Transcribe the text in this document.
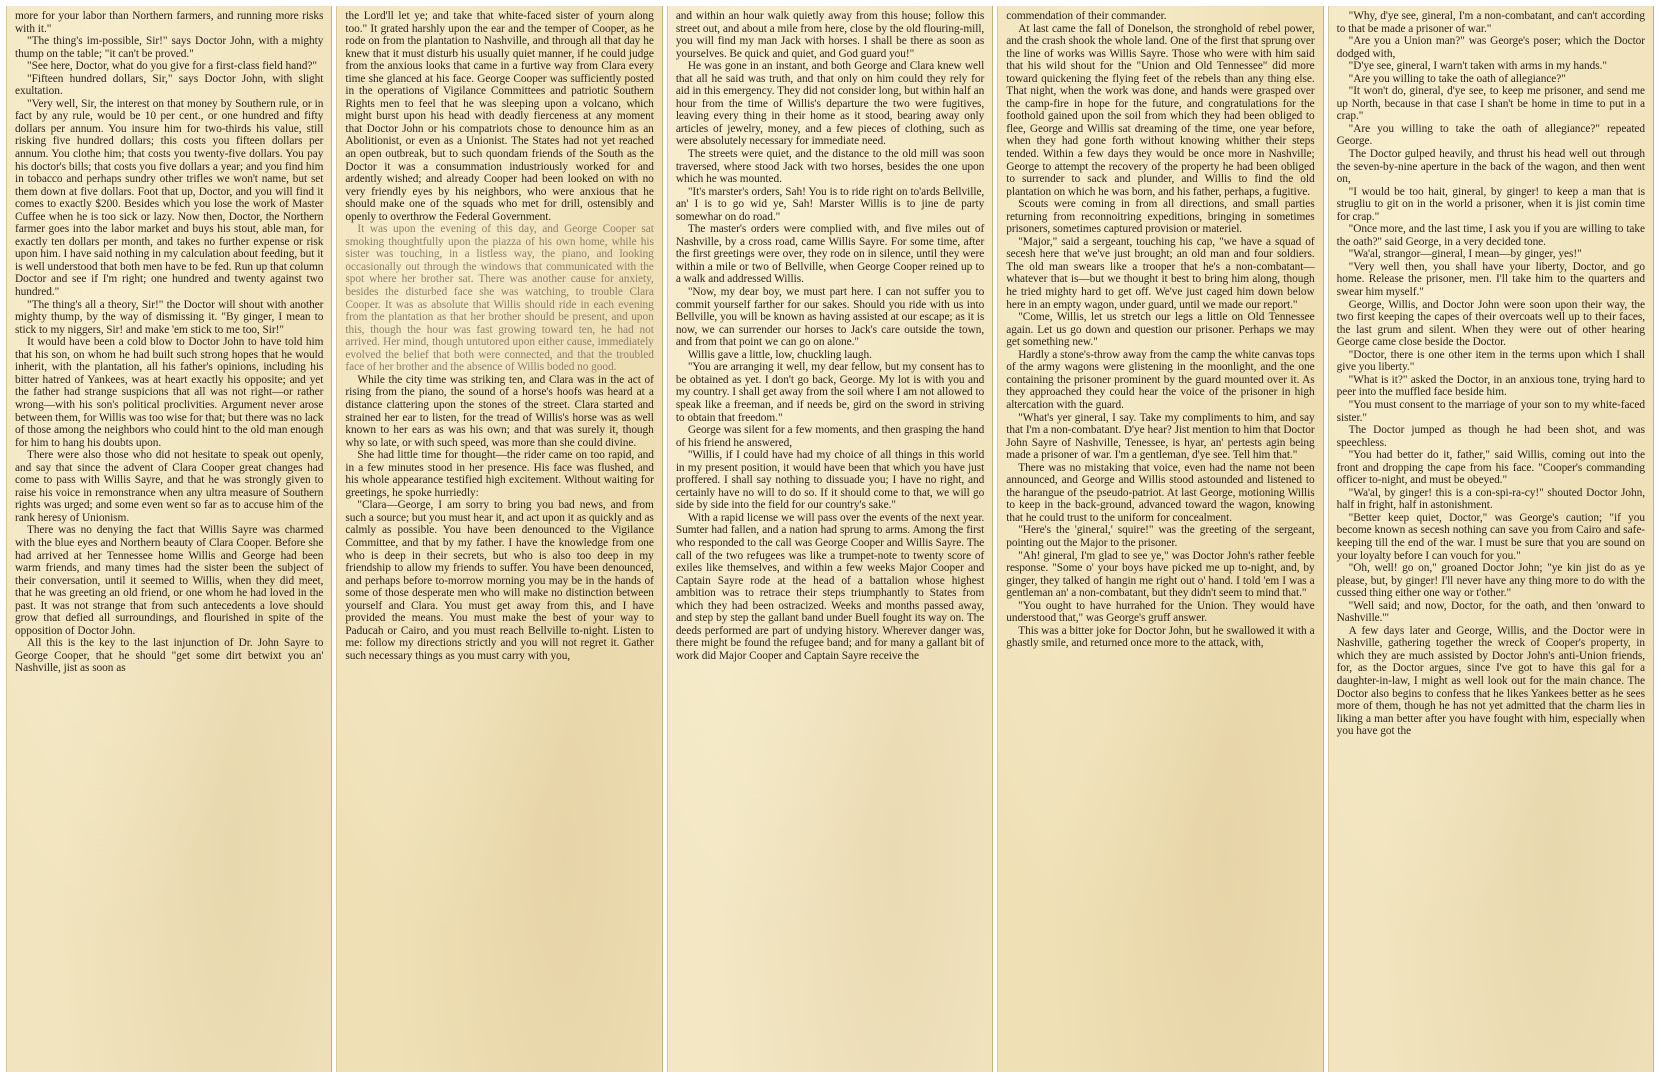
more for your labor than Northern farmers, and running more risks with it."

"The thing's im-possible, Sir!" says Doctor John, with a mighty thump on the table; "it can't be proved."

"See here, Doctor, what do you give for a first-class field hand?"

"Fifteen hundred dollars, Sir," says Doctor John, with slight exultation.

"Very well, Sir, the interest on that money by Southern rule, or in fact by any rule, would be 10 per cent., or one hundred and fifty dollars per annum. You insure him for two-thirds his value, still risking five hundred dollars; this costs you fifteen dollars per annum. You clothe him; that costs you twenty-five dollars. You pay his doctor's bills; that costs you five dollars a year; and you find him in tobacco and perhaps sundry other trifles we won't name, but set them down at five dollars. Foot that up, Doctor, and you will find it comes to exactly $200. Besides which you lose the work of Master Cuffee when he is too sick or lazy. Now then, Doctor, the Northern farmer goes into the labor market and buys his stout, able man, for exactly ten dollars per month, and takes no further expense or risk upon him. I have said nothing in my calculation about feeding, but it is well understood that both men have to be fed. Run up that column Doctor and see if I'm right; one hundred and twenty against two hundred."

"The thing's all a theory, Sir!" the Doctor will shout with another mighty thump, by the way of dismissing it. "By ginger, I mean to stick to my niggers, Sir! and make 'em stick to me too, Sir!"

It would have been a cold blow to Doctor John to have told him that his son, on whom he had built such strong hopes that he would inherit, with the plantation, all his father's opinions, including his bitter hatred of Yankees, was at heart exactly his opposite; and yet the father had strange suspicions that all was not right—or rather wrong—with his son's political proclivities. Argument never arose between them, for Willis was too wise for that; but there was no lack of those among the neighbors who could hint to the old man enough for him to hang his doubts upon.

There were also those who did not hesitate to speak out openly, and say that since the advent of Clara Cooper great changes had come to pass with Willis Sayre, and that he was strongly given to raise his voice in remonstrance when any ultra measure of Southern rights was urged; and some even went so far as to accuse him of the rank heresy of Unionism.

There was no denying the fact that Willis Sayre was charmed with the blue eyes and Northern beauty of Clara Cooper. Before she had arrived at her Tennessee home Willis and George had been warm friends, and many times had the sister been the subject of their conversation, until it seemed to Willis, when they did meet, that he was greeting an old friend, or one whom he had loved in the past. It was not strange that from such antecedents a love should grow that defied all surroundings, and flourished in spite of the opposition of Doctor John.

All this is the key to the last injunction of Dr. John Sayre to George Cooper, that he should "get some dirt betwixt you an' Nashville, jist as soon as

the Lord'll let ye; and take that white-faced sister of yourn along too." It grated harshly upon the ear and the temper of Cooper, as he rode on from the plantation to Nashville, and through all that day he knew that it must disturb his usually quiet manner, if he could judge from the anxious looks that came in a furtive way from Clara every time she glanced at his face. George Cooper was sufficiently posted in the operations of Vigilance Committees and patriotic Southern Rights men to feel that he was sleeping upon a volcano, which might burst upon his head with deadly fierceness at any moment that Doctor John or his compatriots chose to denounce him as an Abolitionist, or even as a Unionist. The States had not yet reached an open outbreak, but to such quondam friends of the South as the Doctor it was a consummation industriously worked for and ardently wished; and already Cooper had been looked on with no very friendly eyes by his neighbors, who were anxious that he should make one of the squads who met for drill, ostensibly and openly to overthrow the Federal Government.

It was upon the evening of this day, and George Cooper sat smoking thoughtfully upon the piazza of his own home, while his sister was touching, in a listless way, the piano, and looking occasionally out through the windows that communicated with the spot where her brother sat. There was another cause for anxiety, besides the disturbed face she was watching, to trouble Clara Cooper. It was as absolute that Willis should ride in each evening from the plantation as that her brother should be present, and upon this, though the hour was fast growing toward ten, he had not arrived. Her mind, though untutored upon either cause, immediately evolved the belief that both were connected, and that the troubled face of her brother and the absence of Willis boded no good.

While the city time was striking ten, and Clara was in the act of rising from the piano, the sound of a horse's hoofs was heard at a distance clattering upon the stones of the street. Clara started and strained her ear to listen, for the tread of Willis's horse was as well known to her ears as was his own; and that was surely it, though why so late, or with such speed, was more than she could divine.

She had little time for thought—the rider came on too rapid, and in a few minutes stood in her presence. His face was flushed, and his whole appearance testified high excitement. Without waiting for greetings, he spoke hurriedly:

"Clara—George, I am sorry to bring you bad news, and from such a source; but you must hear it, and act upon it as quickly and as calmly as possible. You have been denounced to the Vigilance Committee, and that by my father. I have the knowledge from one who is deep in their secrets, but who is also too deep in my friendship to allow my friends to suffer. You have been denounced, and perhaps before to-morrow morning you may be in the hands of some of those desperate men who will make no distinction between yourself and Clara. You must get away from this, and I have provided the means. You must make the best of your way to Paducah or Cairo, and you must reach Bellville to-night. Listen to me: follow my directions strictly and you will not regret it. Gather such necessary things as you must carry with you,

and within an hour walk quietly away from this house; follow this street out, and about a mile from here, close by the old flouring-mill, you will find my man Jack with horses. I shall be there as soon as yourselves. Be quick and quiet, and God guard you!"

He was gone in an instant, and both George and Clara knew well that all he said was truth, and that only on him could they rely for aid in this emergency. They did not consider long, but within half an hour from the time of Willis's departure the two were fugitives, leaving every thing in their home as it stood, bearing away only articles of jewelry, money, and a few pieces of clothing, such as were absolutely necessary for immediate need.

The streets were quiet, and the distance to the old mill was soon traversed, where stood Jack with two horses, besides the one upon which he was mounted.

"It's marster's orders, Sah! You is to ride right on to'ards Bellville, an' I is to go wid ye, Sah! Marster Willis is to jine de party somewhar on do road."

The master's orders were complied with, and five miles out of Nashville, by a cross road, came Willis Sayre. For some time, after the first greetings were over, they rode on in silence, until they were within a mile or two of Bellville, when George Cooper reined up to a walk and addressed Willis.

"Now, my dear boy, we must part here. I can not suffer you to commit yourself farther for our sakes. Should you ride with us into Bellville, you will be known as having assisted at our escape; as it is now, we can surrender our horses to Jack's care outside the town, and from that point we can go on alone."

Willis gave a little, low, chuckling laugh.

"You are arranging it well, my dear fellow, but my consent has to be obtained as yet. I don't go back, George. My lot is with you and my country. I shall get away from the soil where I am not allowed to speak like a freeman, and if needs be, gird on the sword in striving to obtain that freedom."

George was silent for a few moments, and then grasping the hand of his friend he answered,

"Willis, if I could have had my choice of all things in this world in my present position, it would have been that which you have just proffered. I shall say nothing to dissuade you; I have no right, and certainly have no will to do so. If it should come to that, we will go side by side into the field for our country's sake."

With a rapid license we will pass over the events of the next year. Sumter had fallen, and a nation had sprung to arms. Among the first who responded to the call was George Cooper and Willis Sayre. The call of the two refugees was like a trumpet-note to twenty score of exiles like themselves, and within a few weeks Major Cooper and Captain Sayre rode at the head of a battalion whose highest ambition was to retrace their steps triumphantly to States from which they had been ostracized. Weeks and months passed away, and step by step the gallant band under Buell fought its way on. The deeds performed are part of undying history. Wherever danger was, there might be found the refugee band; and for many a gallant bit of work did Major Cooper and Captain Sayre receive the

commendation of their commander.

At last came the fall of Donelson, the stronghold of rebel power, and the crash shook the whole land. One of the first that sprung over the line of works was Willis Sayre. Those who were with him said that his wild shout for the "Union and Old Tennessee" did more toward quickening the flying feet of the rebels than any thing else. That night, when the work was done, and hands were grasped over the camp-fire in hope for the future, and congratulations for the foothold gained upon the soil from which they had been obliged to flee, George and Willis sat dreaming of the time, one year before, when they had gone forth without knowing whither their steps tended. Within a few days they would be once more in Nashville; George to attempt the recovery of the property he had been obliged to surrender to sack and plunder, and Willis to find the old plantation on which he was born, and his father, perhaps, a fugitive.

Scouts were coming in from all directions, and small parties returning from reconnoitring expeditions, bringing in sometimes prisoners, sometimes captured provision or materiel.

"Major," said a sergeant, touching his cap, "we have a squad of secesh here that we've just brought; an old man and four soldiers. The old man swears like a trooper that he's a non-combatant—whatever that is—but we thought it best to bring him along, though he tried mighty hard to get off. We've just caged him down below here in an empty wagon, under guard, until we made our report."

"Come, Willis, let us stretch our legs a little on Old Tennessee again. Let us go down and question our prisoner. Perhaps we may get something new."

Hardly a stone's-throw away from the camp the white canvas tops of the army wagons were glistening in the moonlight, and the one containing the prisoner prominent by the guard mounted over it. As they approached they could hear the voice of the prisoner in high altercation with the guard.

"What's yer gineral, I say. Take my compliments to him, and say that I'm a non-combatant. D'ye hear? Jist mention to him that Doctor John Sayre of Nashville, Tenessee, is hyar, an' pertests agin being made a prisoner of war. I'm a gentleman, d'ye see. Tell him that."

There was no mistaking that voice, even had the name not been announced, and George and Willis stood astounded and listened to the harangue of the pseudo-patriot. At last George, motioning Willis to keep in the back-ground, advanced toward the wagon, knowing that he could trust to the uniform for concealment.

"Here's the 'gineral,' squire!" was the greeting of the sergeant, pointing out the Major to the prisoner.

"Ah! gineral, I'm glad to see ye," was Doctor John's rather feeble response. "Some o' your boys have picked me up to-night, and, by ginger, they talked of hangin me right out o' hand. I told 'em I was a gentleman an' a non-combatant, but they didn't seem to mind that."

"You ought to have hurrahed for the Union. They would have understood that," was George's gruff answer.

This was a bitter joke for Doctor John, but he swallowed it with a ghastly smile, and returned once more to the attack, with,

"Why, d'ye see, gineral, I'm a non-combatant, and can't according to that be made a prisoner of war."

"Are you a Union man?" was George's poser; which the Doctor dodged with,

"D'ye see, gineral, I warn't taken with arms in my hands."

"Are you willing to take the oath of allegiance?"

"It won't do, gineral, d'ye see, to keep me prisoner, and send me up North, because in that case I shan't be home in time to put in a crap."

"Are you willing to take the oath of allegiance?" repeated George.

The Doctor gulped heavily, and thrust his head well out through the seven-by-nine aperture in the back of the wagon, and then went on,

"I would be too hait, gineral, by ginger! to keep a man that is strugliu to git on in the world a prisoner, when it is jist comin time for crap."

"Once more, and the last time, I ask you if you are willing to take the oath?" said George, in a very decided tone.

"Wa'al, strangor—gineral, I mean—by ginger, yes!"

"Very well then, you shall have your liberty, Doctor, and go home. Release the prisoner, men. I'll take him to the quarters and swear him myself."

George, Willis, and Doctor John were soon upon their way, the two first keeping the capes of their overcoats well up to their faces, the last grum and silent. When they were out of other hearing George came close beside the Doctor.

"Doctor, there is one other item in the terms upon which I shall give you liberty."

"What is it?" asked the Doctor, in an anxious tone, trying hard to peer into the muffled face beside him.

"You must consent to the marriage of your son to my white-faced sister."

The Doctor jumped as though he had been shot, and was speechless.

"You had better do it, father," said Willis, coming out into the front and dropping the cape from his face. "Cooper's commanding officer to-night, and must be obeyed."

"Wa'al, by ginger! this is a con-spi-ra-cy!" shouted Doctor John, half in fright, half in astonishment.

"Better keep quiet, Doctor," was George's caution; "if you become known as secesh nothing can save you from Cairo and safe-keeping till the end of the war. I must be sure that you are sound on your loyalty before I can vouch for you."

"Oh, well! go on," groaned Doctor John; "ye kin jist do as ye please, but, by ginger! I'll never have any thing more to do with the cussed thing either one way or t'other."

"Well said; and now, Doctor, for the oath, and then 'onward to Nashville.'"

A few days later and George, Willis, and the Doctor were in Nashville, gathering together the wreck of Cooper's property, in which they are much assisted by Doctor John's anti-Union friends, for, as the Doctor argues, since I've got to have this gal for a daughter-in-law, I might as well look out for the main chance. The Doctor also begins to confess that he likes Yankees better as he sees more of them, though he has not yet admitted that the charm lies in liking a man better after you have fought with him, especially when you have got the
